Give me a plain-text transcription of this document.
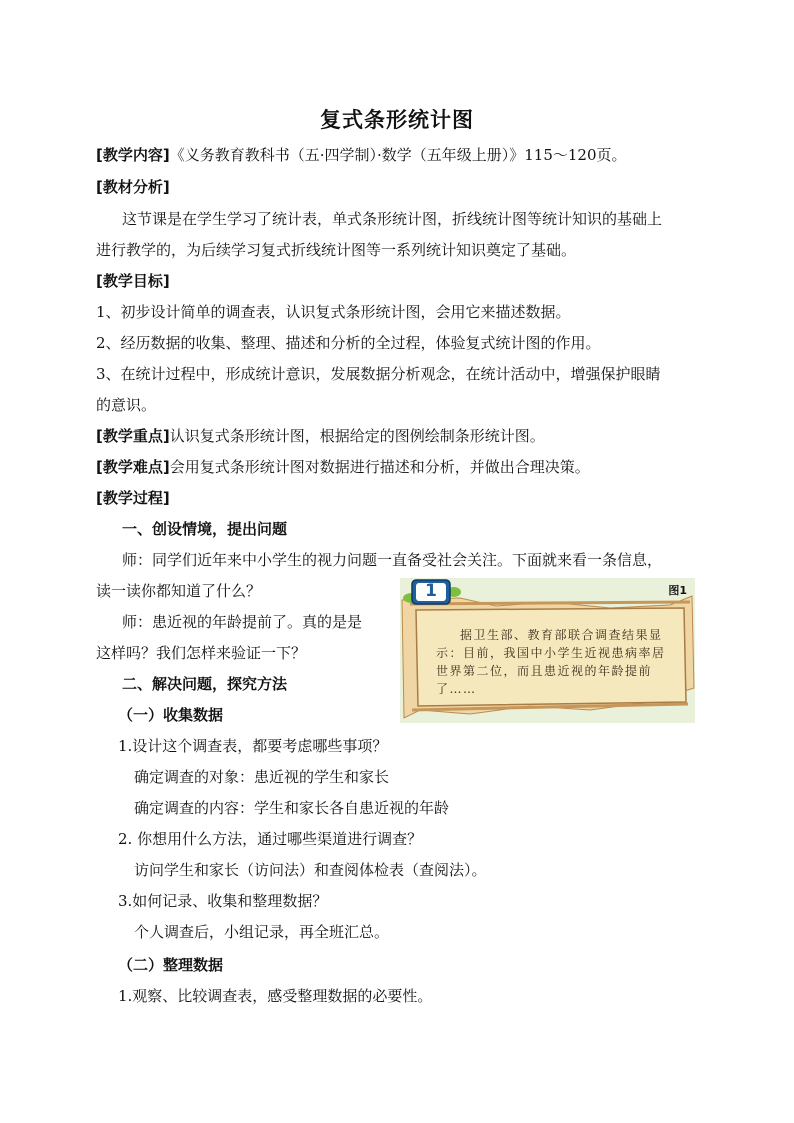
复式条形统计图
[教学内容]《义务教育教科书（五·四学制）·数学（五年级上册）》115～120页。
[教材分析]
这节课是在学生学习了统计表，单式条形统计图，折线统计图等统计知识的基础上
进行教学的，为后续学习复式折线统计图等一系列统计知识奠定了基础。
[教学目标]
1、初步设计简单的调查表，认识复式条形统计图，会用它来描述数据。
2、经历数据的收集、整理、描述和分析的全过程，体验复式统计图的作用。
3、在统计过程中，形成统计意识，发展数据分析观念，在统计活动中，增强保护眼睛
的意识。
[教学重点]认识复式条形统计图，根据给定的图例绘制条形统计图。
[教学难点]会用复式条形统计图对数据进行描述和分析，并做出合理决策。
[教学过程]
一、创设情境，提出问题
师：同学们近年来中小学生的视力问题一直备受社会关注。下面就来看一条信息，
读一读你都知道了什么？
师：患近视的年龄提前了。真的是是
这样吗？我们怎样来验证一下？
二、解决问题，探究方法
（一）收集数据
1.设计这个调查表，都要考虑哪些事项？
确定调查的对象：患近视的学生和家长
确定调查的内容：学生和家长各自患近视的年龄
2. 你想用什么方法，通过哪些渠道进行调查？
访问学生和家长（访问法）和查阅体检表（查阅法）。
3.如何记录、收集和整理数据？
个人调查后，小组记录，再全班汇总。
（二）整理数据
1.观察、比较调查表，感受整理数据的必要性。
1	图1
据卫生部、教育部联合调查结果显示：目前，我国中小学生近视患病率居世界第二位，而且患近视的年龄提前了……
